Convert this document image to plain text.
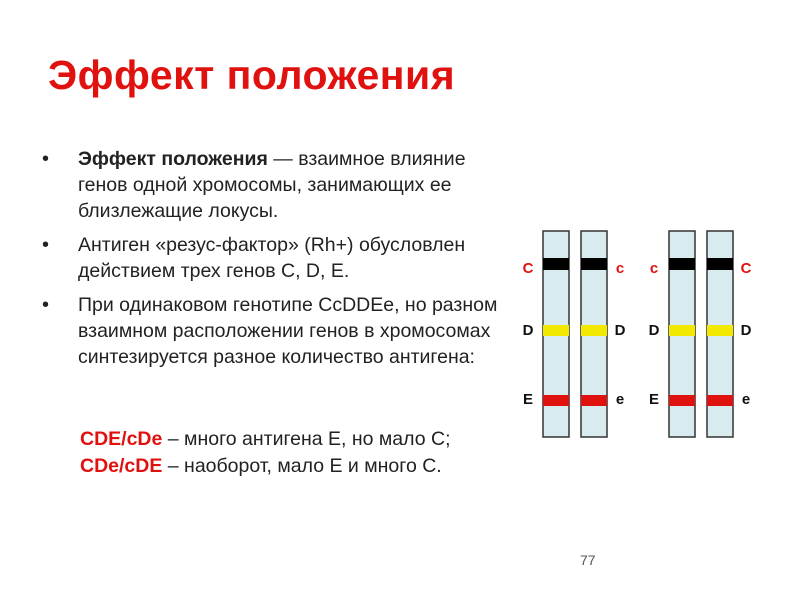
Эффект положения
• Эффект положения — взаимное влияние генов одной хромосомы, занимающих ее близлежащие локусы.
• Антиген «резус-фактор» (Rh+) обусловлен действием трех генов C, D, E.
• При одинаковом генотипе CcDDEe, но разном взаимном расположении генов в хромосомах синтезируется разное количество антигена:
CDE/cDe – много антигена E, но мало C;
CDe/cDE – наоборот, мало E и много C.
C
D
E
c
D
e
c
D
E
C
D
e
77
